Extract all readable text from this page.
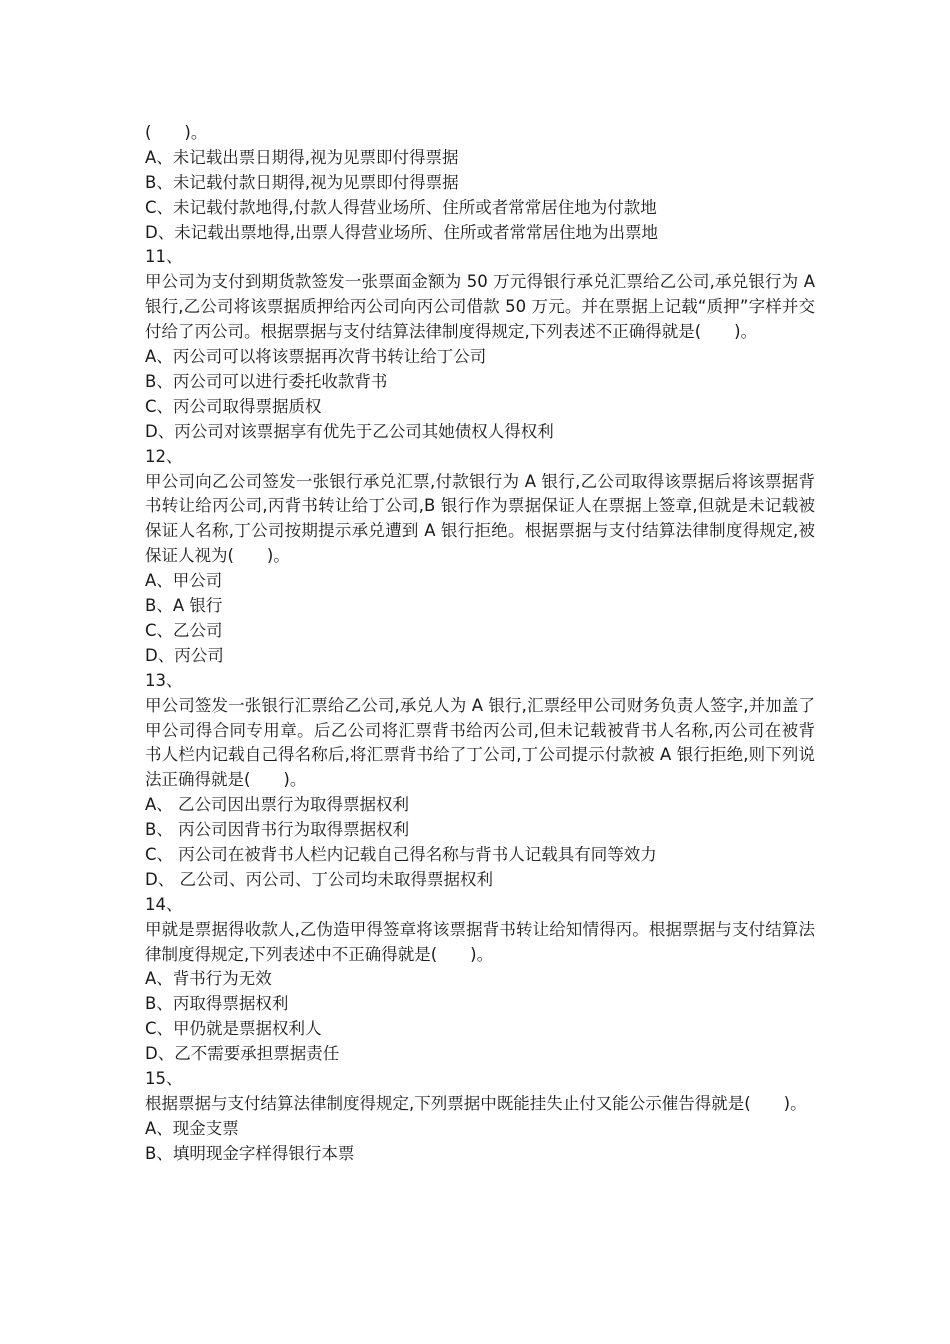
(　　)。
A、未记载出票日期得,视为见票即付得票据
B、未记载付款日期得,视为见票即付得票据
C、未记载付款地得,付款人得营业场所、住所或者常常居住地为付款地
D、未记载出票地得,出票人得营业场所、住所或者常常居住地为出票地
11、
甲公司为支付到期货款签发一张票面金额为 50 万元得银行承兑汇票给乙公司,承兑银行为 A 银行,乙公司将该票据质押给丙公司向丙公司借款 50 万元。并在票据上记载“质押”字样并交付给了丙公司。根据票据与支付结算法律制度得规定,下列表述不正确得就是(　　)。
A、丙公司可以将该票据再次背书转让给丁公司
B、丙公司可以进行委托收款背书
C、丙公司取得票据质权
D、丙公司对该票据享有优先于乙公司其她债权人得权利
12、
甲公司向乙公司签发一张银行承兑汇票,付款银行为 A 银行,乙公司取得该票据后将该票据背书转让给丙公司,丙背书转让给丁公司,B 银行作为票据保证人在票据上签章,但就是未记载被保证人名称,丁公司按期提示承兑遭到 A 银行拒绝。根据票据与支付结算法律制度得规定,被保证人视为(　　)。
A、甲公司
B、A 银行
C、乙公司
D、丙公司
13、
甲公司签发一张银行汇票给乙公司,承兑人为 A 银行,汇票经甲公司财务负责人签字,并加盖了甲公司得合同专用章。后乙公司将汇票背书给丙公司,但未记载被背书人名称,丙公司在被背书人栏内记载自己得名称后,将汇票背书给了丁公司,丁公司提示付款被 A 银行拒绝,则下列说法正确得就是(　　)。
A、 乙公司因出票行为取得票据权利
B、 丙公司因背书行为取得票据权利
C、 丙公司在被背书人栏内记载自己得名称与背书人记载具有同等效力
D、 乙公司、丙公司、丁公司均未取得票据权利
14、
甲就是票据得收款人,乙伪造甲得签章将该票据背书转让给知情得丙。根据票据与支付结算法律制度得规定,下列表述中不正确得就是(　　)。
A、背书行为无效
B、丙取得票据权利
C、甲仍就是票据权利人
D、乙不需要承担票据责任
15、
根据票据与支付结算法律制度得规定,下列票据中既能挂失止付又能公示催告得就是(　　)。
A、现金支票
B、填明现金字样得银行本票
